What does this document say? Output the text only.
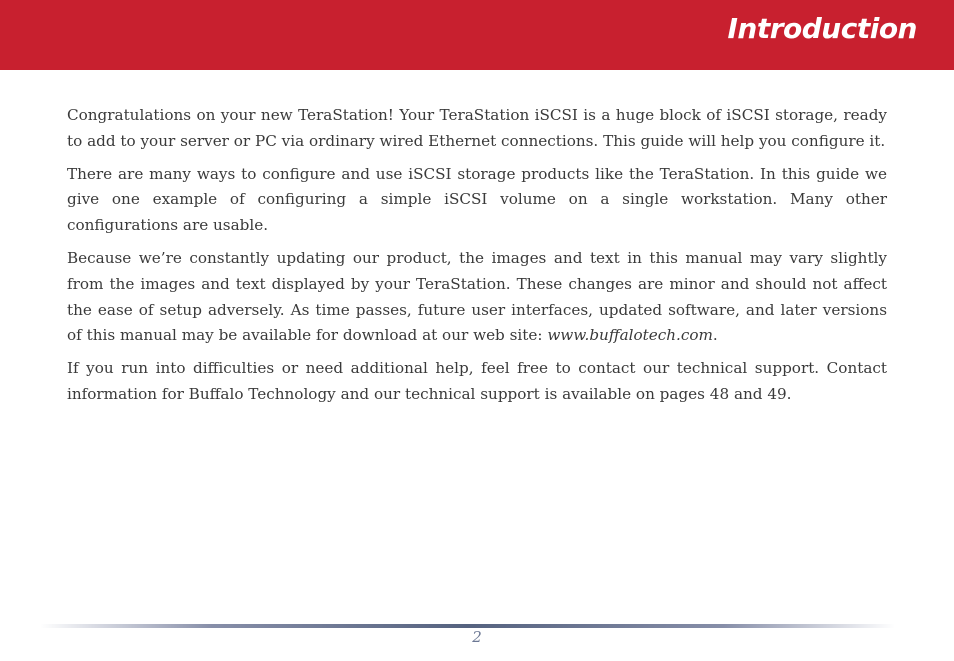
Introduction

Congratulations on your new TeraStation! Your TeraStation iSCSI is a huge block of iSCSI storage, ready to add to your server or PC via ordinary wired Ethernet connections. This guide will help you configure it.

There are many ways to configure and use iSCSI storage products like the TeraStation. In this guide we give one example of configuring a simple iSCSI volume on a single workstation. Many other configurations are usable.

Because we’re constantly updating our product, the images and text in this manual may vary slightly from the images and text displayed by your TeraStation. These changes are minor and should not affect the ease of setup adversely. As time passes, future user interfaces, updated software, and later versions of this manual may be available for download at our web site: www.buffalotech.com.

If you run into difficulties or need additional help, feel free to contact our technical support. Contact information for Buffalo Technology and our technical support is available on pages 48 and 49.

2
